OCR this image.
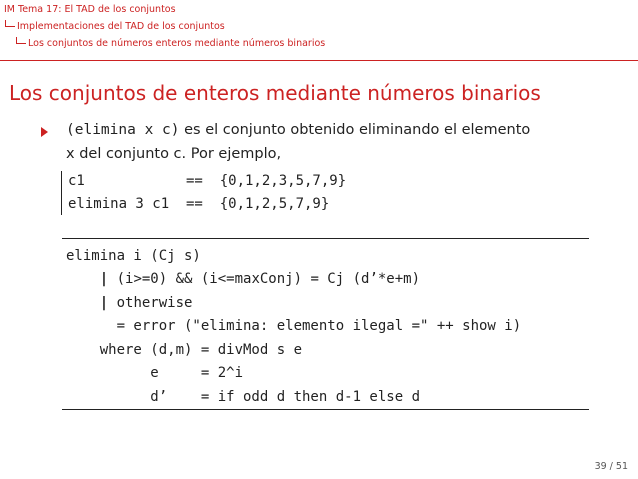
IM Tema 17: El TAD de los conjuntos
Implementaciones del TAD de los conjuntos
Los conjuntos de números enteros mediante números binarios
Los conjuntos de enteros mediante números binarios
(elimina x c) es el conjunto obtenido eliminando el elemento
x del conjunto c. Por ejemplo,
c1            ==  {0,1,2,3,5,7,9}
elimina 3 c1  ==  {0,1,2,5,7,9}
elimina i (Cj s)
| (i>=0) && (i<=maxConj) = Cj (d’*e+m)
| otherwise
= error ("elimina: elemento ilegal =" ++ show i)
where (d,m) = divMod s e
e     = 2^i
d’    = if odd d then d-1 else d
39 / 51
